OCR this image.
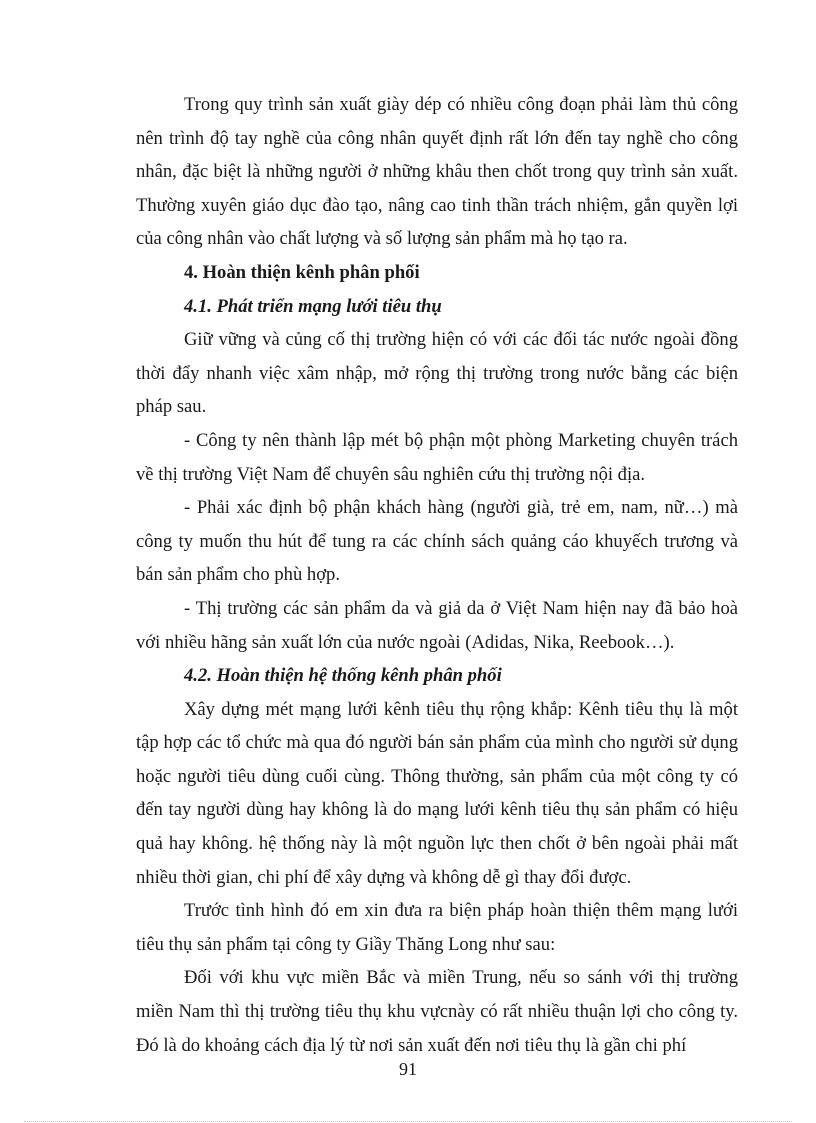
Trong quy trình sản xuất giày dép có nhiều công đoạn phải làm thủ công nên trình độ tay nghề của công nhân quyết định rất lớn đến tay nghề cho công nhân, đặc biệt là những người ở những khâu then chốt trong quy trình sản xuất. Thường xuyên giáo dục đào tạo, nâng cao tinh thần trách nhiệm, gắn quyền lợi của công nhân vào chất lượng và số lượng sản phẩm mà họ tạo ra.

4. Hoàn thiện kênh phân phối
4.1. Phát triển mạng lưới tiêu thụ

Giữ vững và củng cố thị trường hiện có với các đối tác nước ngoài đồng thời đẩy nhanh việc xâm nhập, mở rộng thị trường trong nước bằng các biện pháp sau.

- Công ty nên thành lập mét bộ phận một phòng Marketing chuyên trách về thị trường Việt Nam để chuyên sâu nghiên cứu thị trường nội địa.

- Phải xác định bộ phận khách hàng (người già, trẻ em, nam, nữ…) mà công ty muốn thu hút để tung ra các chính sách quảng cáo khuyếch trương và bán sản phẩm cho phù hợp.

- Thị trường các sản phẩm da và giả da ở Việt Nam hiện nay đã bảo hoà với nhiều hãng sản xuất lớn của nước ngoài (Adidas, Nika, Reebook…).

4.2. Hoàn thiện hệ thống kênh phân phối

Xây dựng mét mạng lưới kênh tiêu thụ rộng khắp: Kênh tiêu thụ là một tập hợp các tổ chức mà qua đó người bán sản phẩm của mình cho người sử dụng hoặc người tiêu dùng cuối cùng. Thông thường, sản phẩm của một công ty có đến tay người dùng hay không là do mạng lưới kênh tiêu thụ sản phẩm có hiệu quả hay không. hệ thống này là một nguồn lực then chốt ở bên ngoài phải mất nhiều thời gian, chi phí để xây dựng và không dễ gì thay đổi được.

Trước tình hình đó em xin đưa ra biện pháp hoàn thiện thêm mạng lưới tiêu thụ sản phẩm tại công ty Giầy Thăng Long như sau:

Đối với khu vực miền Bắc và miền Trung, nếu so sánh với thị trường miền Nam thì thị trường tiêu thụ khu vựcnày có rất nhiều thuận lợi cho công ty. Đó là do khoảng cách địa lý từ nơi sản xuất đến nơi tiêu thụ là gần chi phí

91
